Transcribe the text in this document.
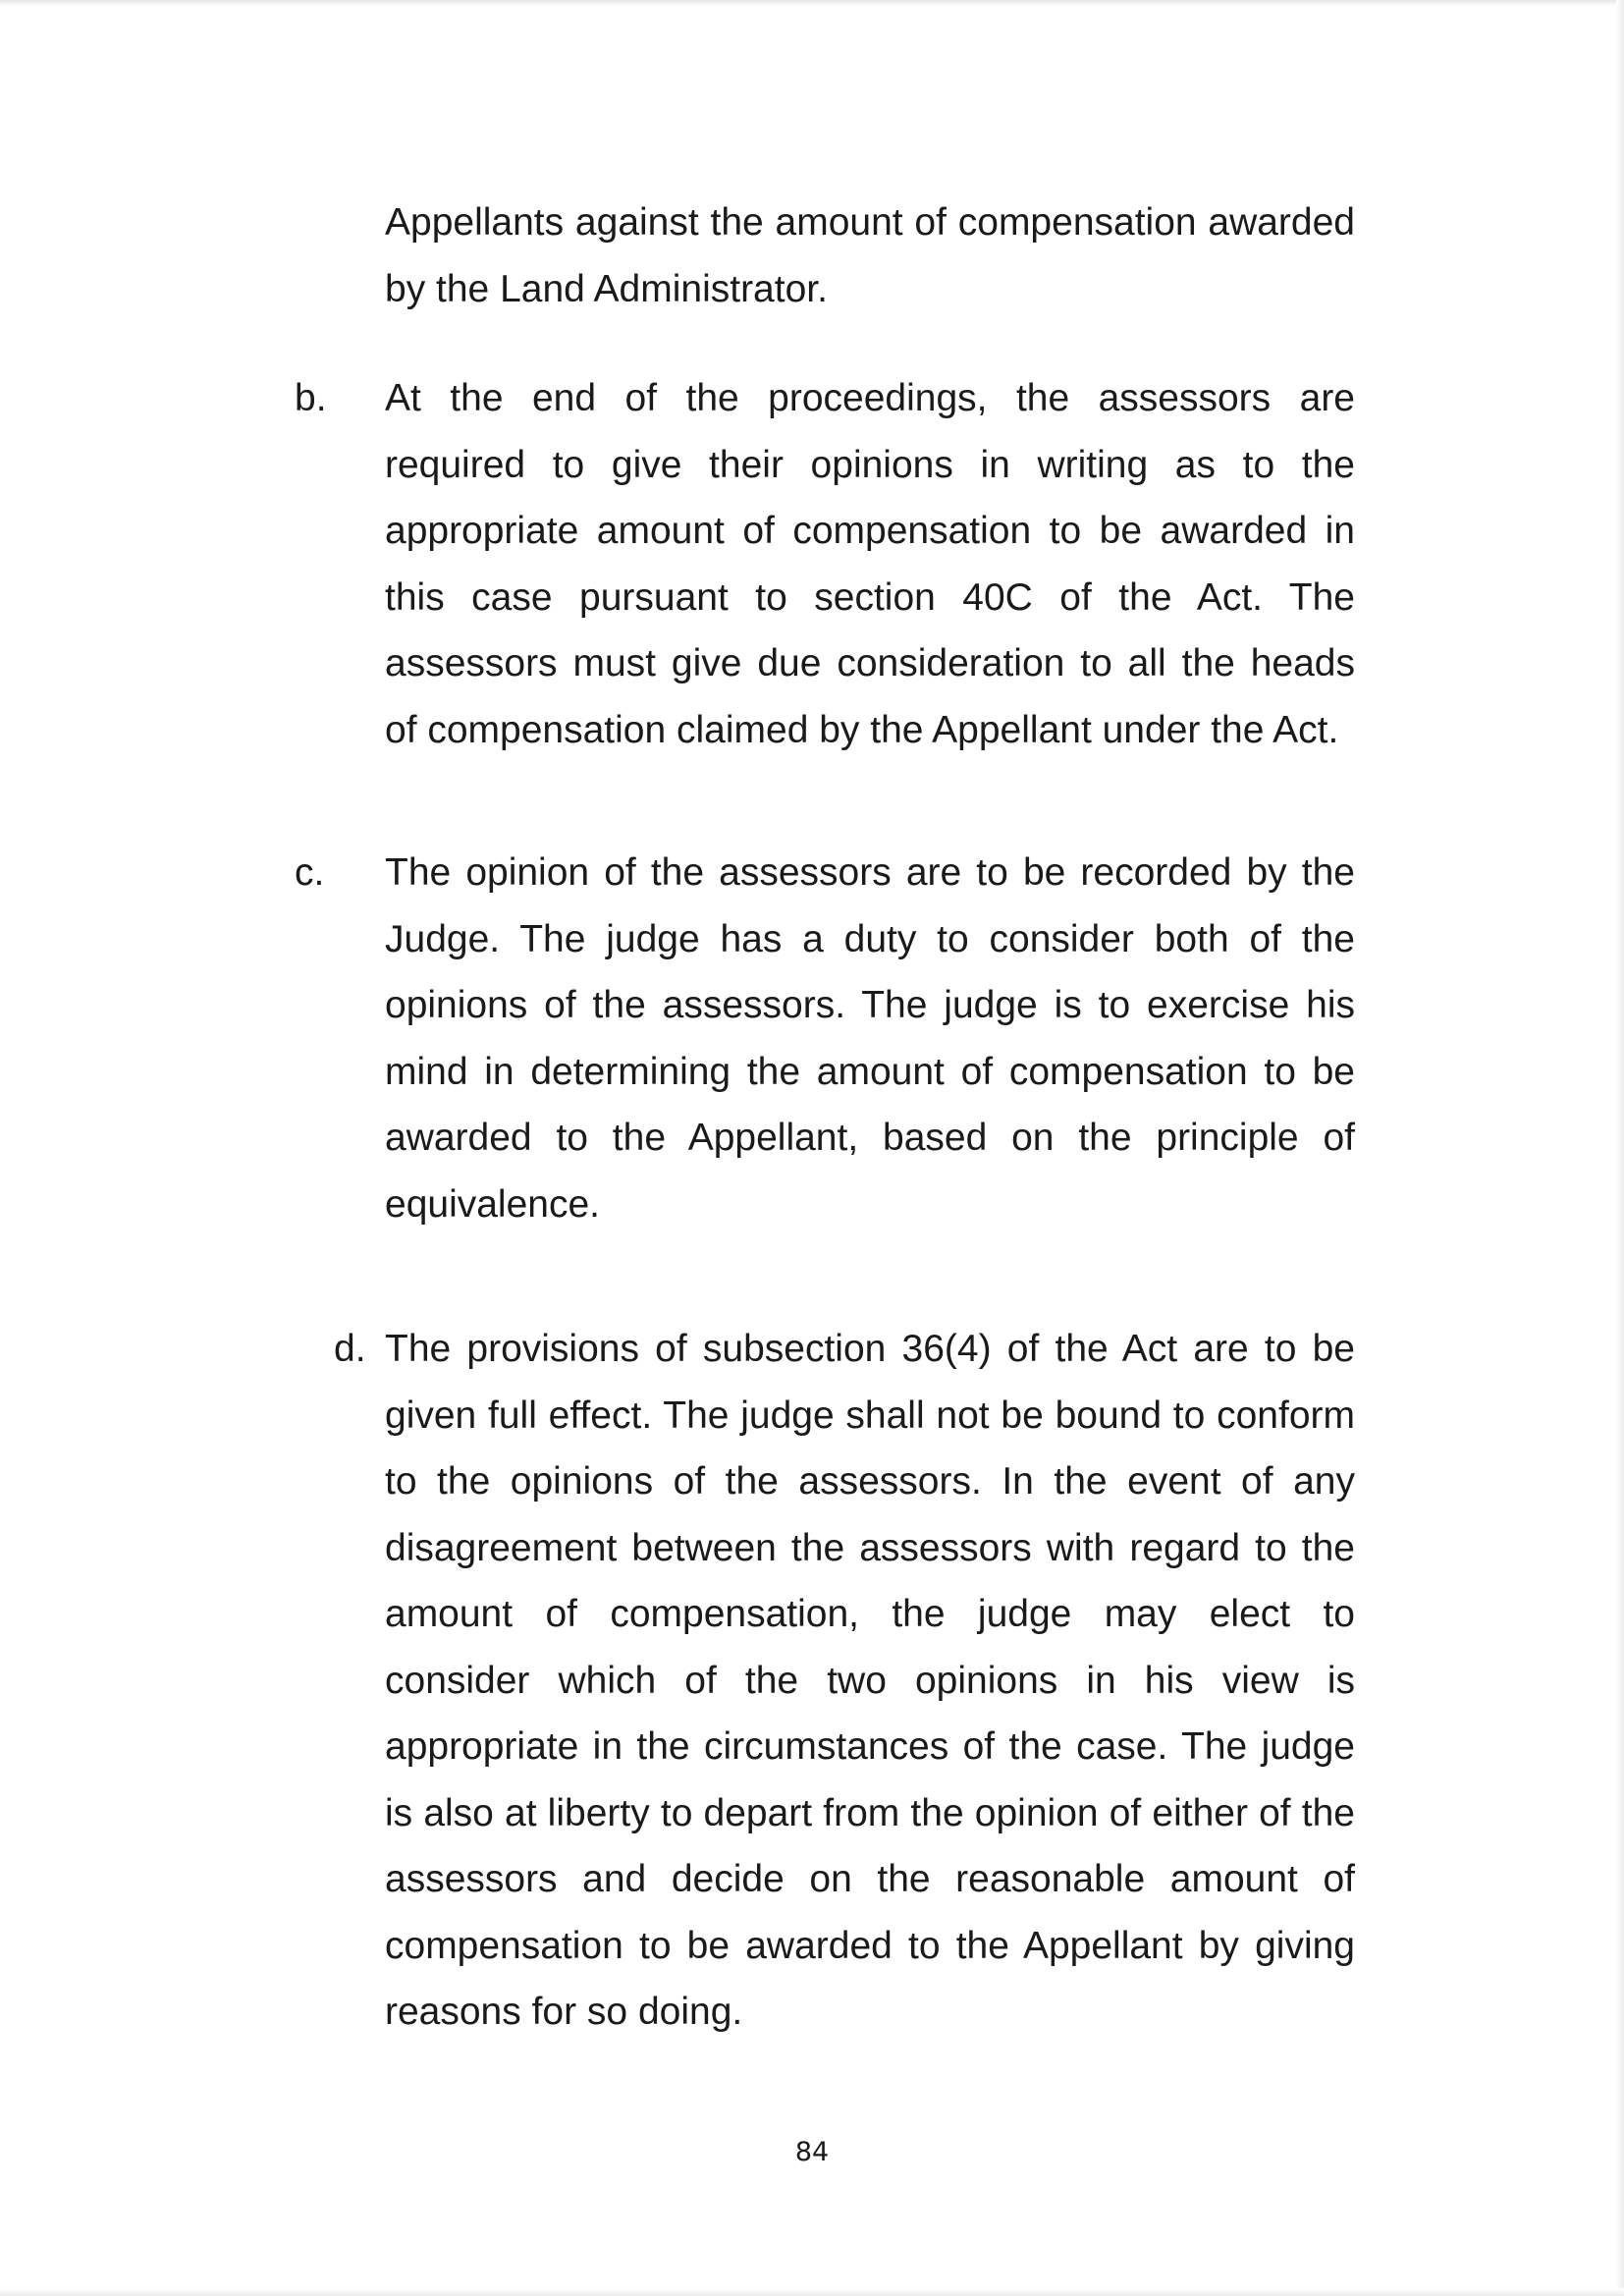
Appellants against the amount of compensation awarded by the Land Administrator.
b. At the end of the proceedings, the assessors are required to give their opinions in writing as to the appropriate amount of compensation to be awarded in this case pursuant to section 40C of the Act. The assessors must give due consideration to all the heads of compensation claimed by the Appellant under the Act.
c. The opinion of the assessors are to be recorded by the Judge. The judge has a duty to consider both of the opinions of the assessors. The judge is to exercise his mind in determining the amount of compensation to be awarded to the Appellant, based on the principle of equivalence.
d. The provisions of subsection 36(4) of the Act are to be given full effect. The judge shall not be bound to conform to the opinions of the assessors. In the event of any disagreement between the assessors with regard to the amount of compensation, the judge may elect to consider which of the two opinions in his view is appropriate in the circumstances of the case. The judge is also at liberty to depart from the opinion of either of the assessors and decide on the reasonable amount of compensation to be awarded to the Appellant by giving reasons for so doing.
84
